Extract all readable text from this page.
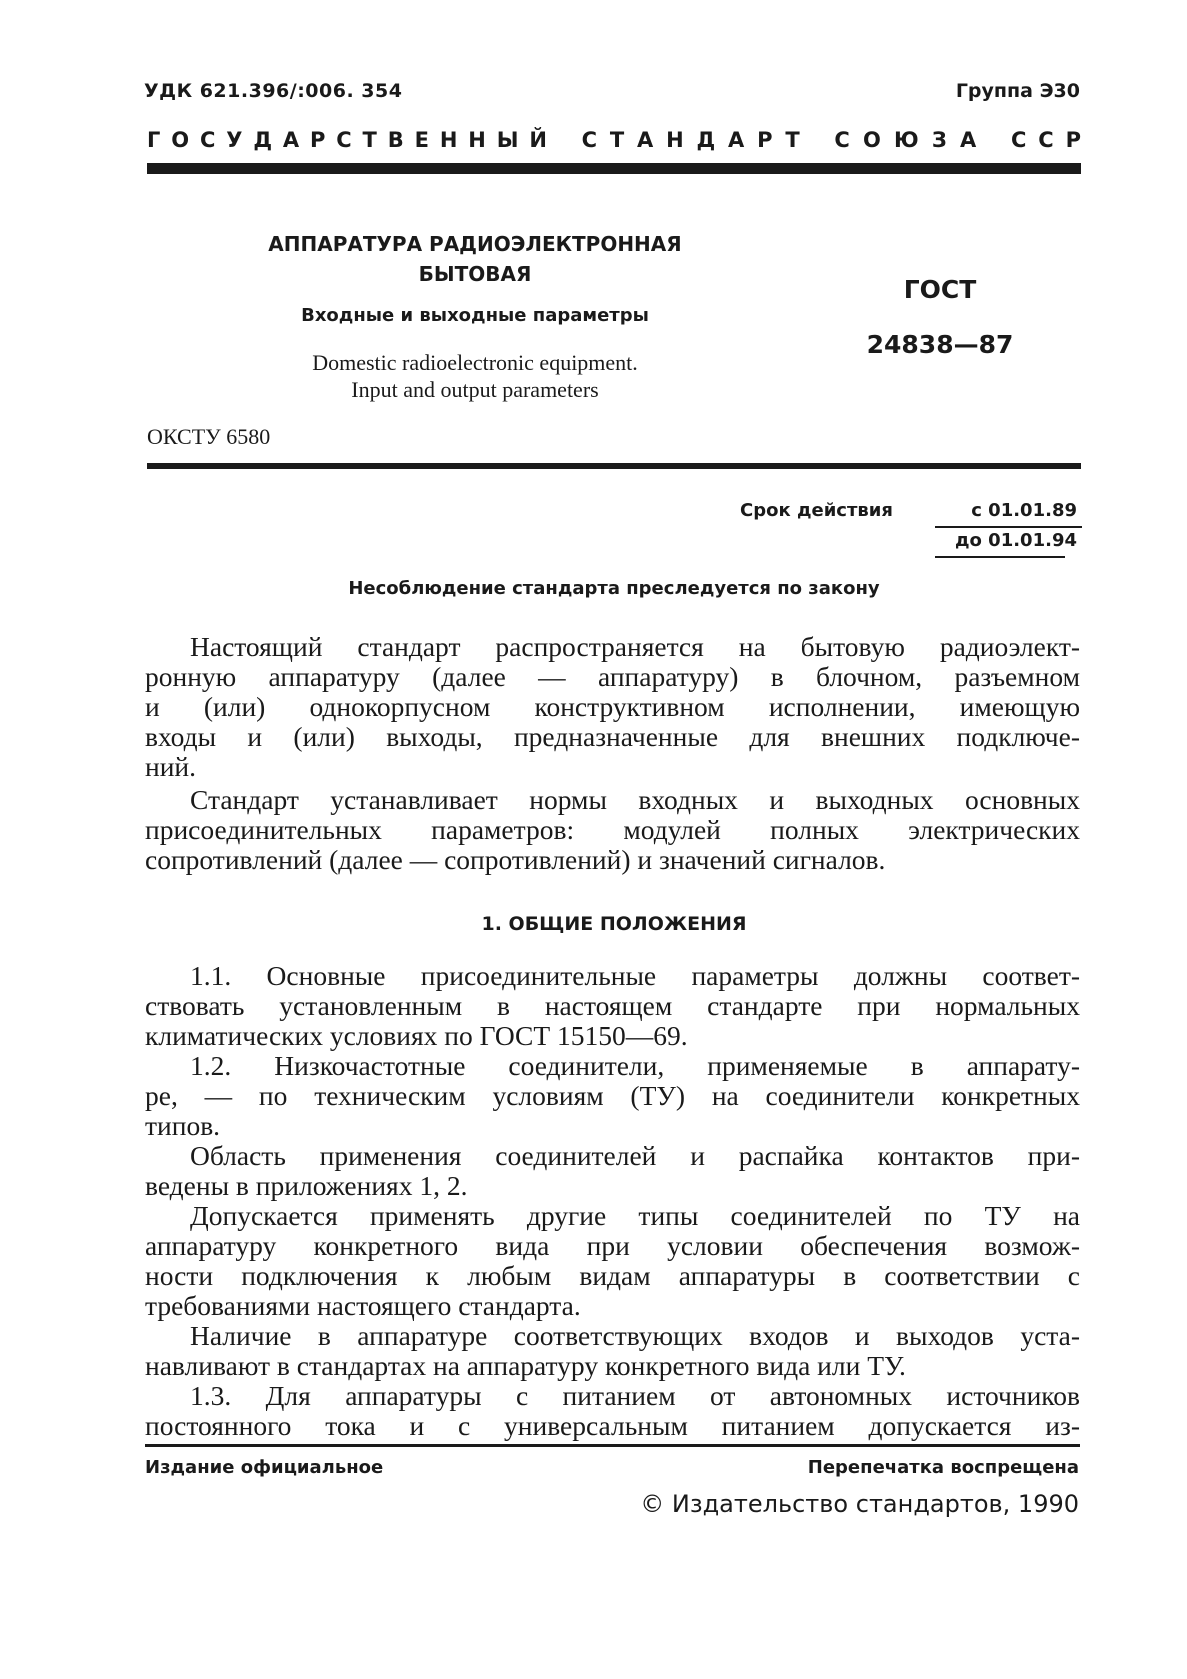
УДК 621.396/:006. 354	Группа Э30
Г О С У Д А Р С Т В Е Н Н Ы Й С Т А Н Д А Р Т С О Ю З А С С Р
АППАРАТУРА РАДИОЭЛЕКТРОННАЯ
БЫТОВАЯ
Входные и выходные параметры
Domestic radioelectronic equipment.
Input and output parameters
ГОСТ
24838—87
ОКСТУ 6580
Срок действия	с 01.01.89
до 01.01.94
Несоблюдение стандарта преследуется по закону
Настоящий стандарт распространяется на бытовую радиоэлект-
ронную аппаратуру (далее — аппаратуру) в блочном, разъемном
и (или) однокорпусном конструктивном исполнении, имеющую
входы и (или) выходы, предназначенные для внешних подключе-
ний.
Стандарт устанавливает нормы входных и выходных основных
присоединительных параметров: модулей полных электрических
сопротивлений (далее — сопротивлений) и значений сигналов.
1. ОБЩИЕ ПОЛОЖЕНИЯ
1.1. Основные присоединительные параметры должны соответ-
ствовать установленным в настоящем стандарте при нормальных
климатических условиях по ГОСТ 15150—69.
1.2. Низкочастотные соединители, применяемые в аппарату-
ре, — по техническим условиям (ТУ) на соединители конкретных
типов.
Область применения соединителей и распайка контактов при-
ведены в приложениях 1, 2.
Допускается применять другие типы соединителей по ТУ на
аппаратуру конкретного вида при условии обеспечения возмож-
ности подключения к любым видам аппаратуры в соответствии с
требованиями настоящего стандарта.
Наличие в аппаратуре соответствующих входов и выходов уста-
навливают в стандартах на аппаратуру конкретного вида или ТУ.
1.3. Для аппаратуры с питанием от автономных источников
постоянного тока и с универсальным питанием допускается из-
Издание официальное	Перепечатка воспрещена
© Издательство стандартов, 1990
